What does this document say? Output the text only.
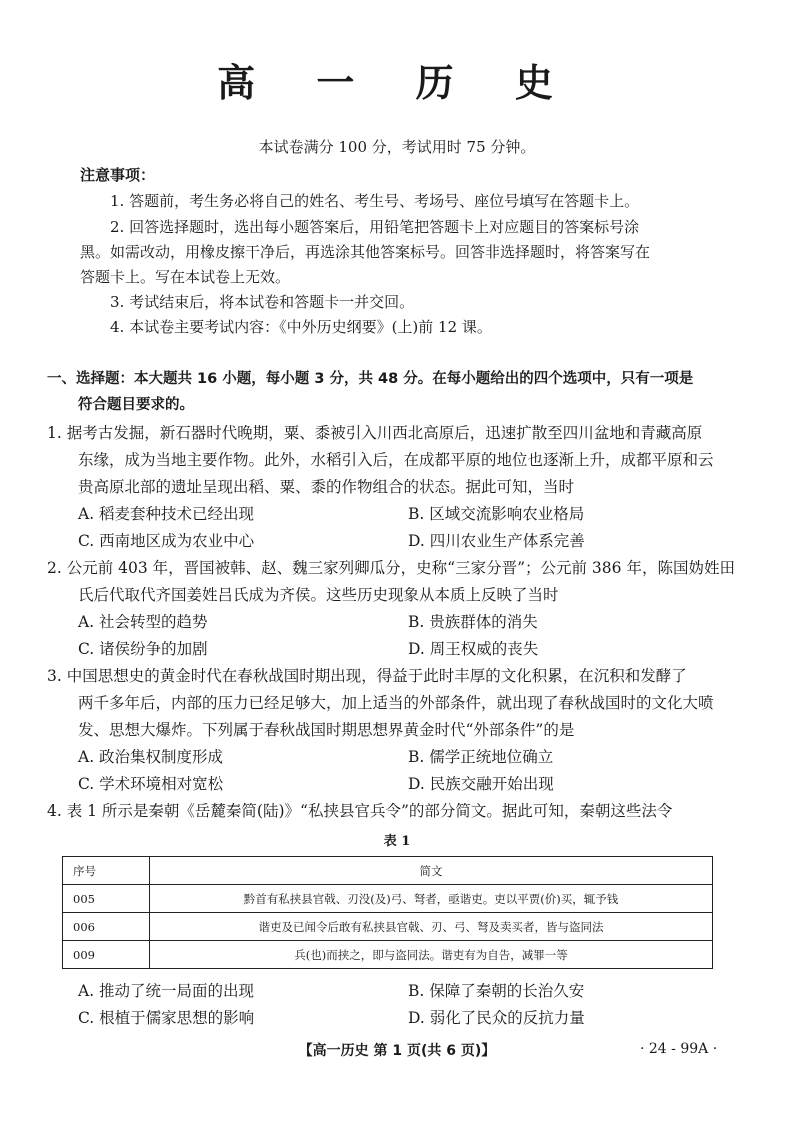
高 一 历 史
本试卷满分 100 分，考试用时 75 分钟。
注意事项：
1. 答题前，考生务必将自己的姓名、考生号、考场号、座位号填写在答题卡上。
2. 回答选择题时，选出每小题答案后，用铅笔把答题卡上对应题目的答案标号涂
黑。如需改动，用橡皮擦干净后，再选涂其他答案标号。回答非选择题时，将答案写在
答题卡上。写在本试卷上无效。
3. 考试结束后，将本试卷和答题卡一并交回。
4. 本试卷主要考试内容：《中外历史纲要》(上)前 12 课。
一、选择题：本大题共 16 小题，每小题 3 分，共 48 分。在每小题给出的四个选项中，只有一项是
符合题目要求的。
1. 据考古发掘，新石器时代晚期，粟、黍被引入川西北高原后，迅速扩散至四川盆地和青藏高原
东缘，成为当地主要作物。此外，水稻引入后，在成都平原的地位也逐渐上升，成都平原和云
贵高原北部的遗址呈现出稻、粟、黍的作物组合的状态。据此可知，当时
A. 稻麦套种技术已经出现	B. 区域交流影响农业格局
C. 西南地区成为农业中心	D. 四川农业生产体系完善
2. 公元前 403 年，晋国被韩、赵、魏三家列卿瓜分，史称“三家分晋”；公元前 386 年，陈国妫姓田
氏后代取代齐国姜姓吕氏成为齐侯。这些历史现象从本质上反映了当时
A. 社会转型的趋势	B. 贵族群体的消失
C. 诸侯纷争的加剧	D. 周王权威的丧失
3. 中国思想史的黄金时代在春秋战国时期出现，得益于此时丰厚的文化积累，在沉积和发酵了
两千多年后，内部的压力已经足够大，加上适当的外部条件，就出现了春秋战国时的文化大喷
发、思想大爆炸。下列属于春秋战国时期思想界黄金时代“外部条件”的是
A. 政治集权制度形成	B. 儒学正统地位确立
C. 学术环境相对宽松	D. 民族交融开始出现
4. 表 1 所示是秦朝《岳麓秦简(陆)》“私挟县官兵令”的部分简文。据此可知，秦朝这些法令
表 1
序号	简文
005	黔首有私挟县官戟、刃没(及)弓、弩者，亟谐吏。吏以平贾(价)买，辄予钱
006	谐吏及已闻令后敢有私挟县官戟、刃、弓、弩及卖买者，皆与盗同法
009	兵(也)而挟之，即与盗同法。谐吏有为自告，减罪一等
A. 推动了统一局面的出现	B. 保障了秦朝的长治久安
C. 根植于儒家思想的影响	D. 弱化了民众的反抗力量
【高一历史 第 1 页(共 6 页)】	· 24 - 99A ·
